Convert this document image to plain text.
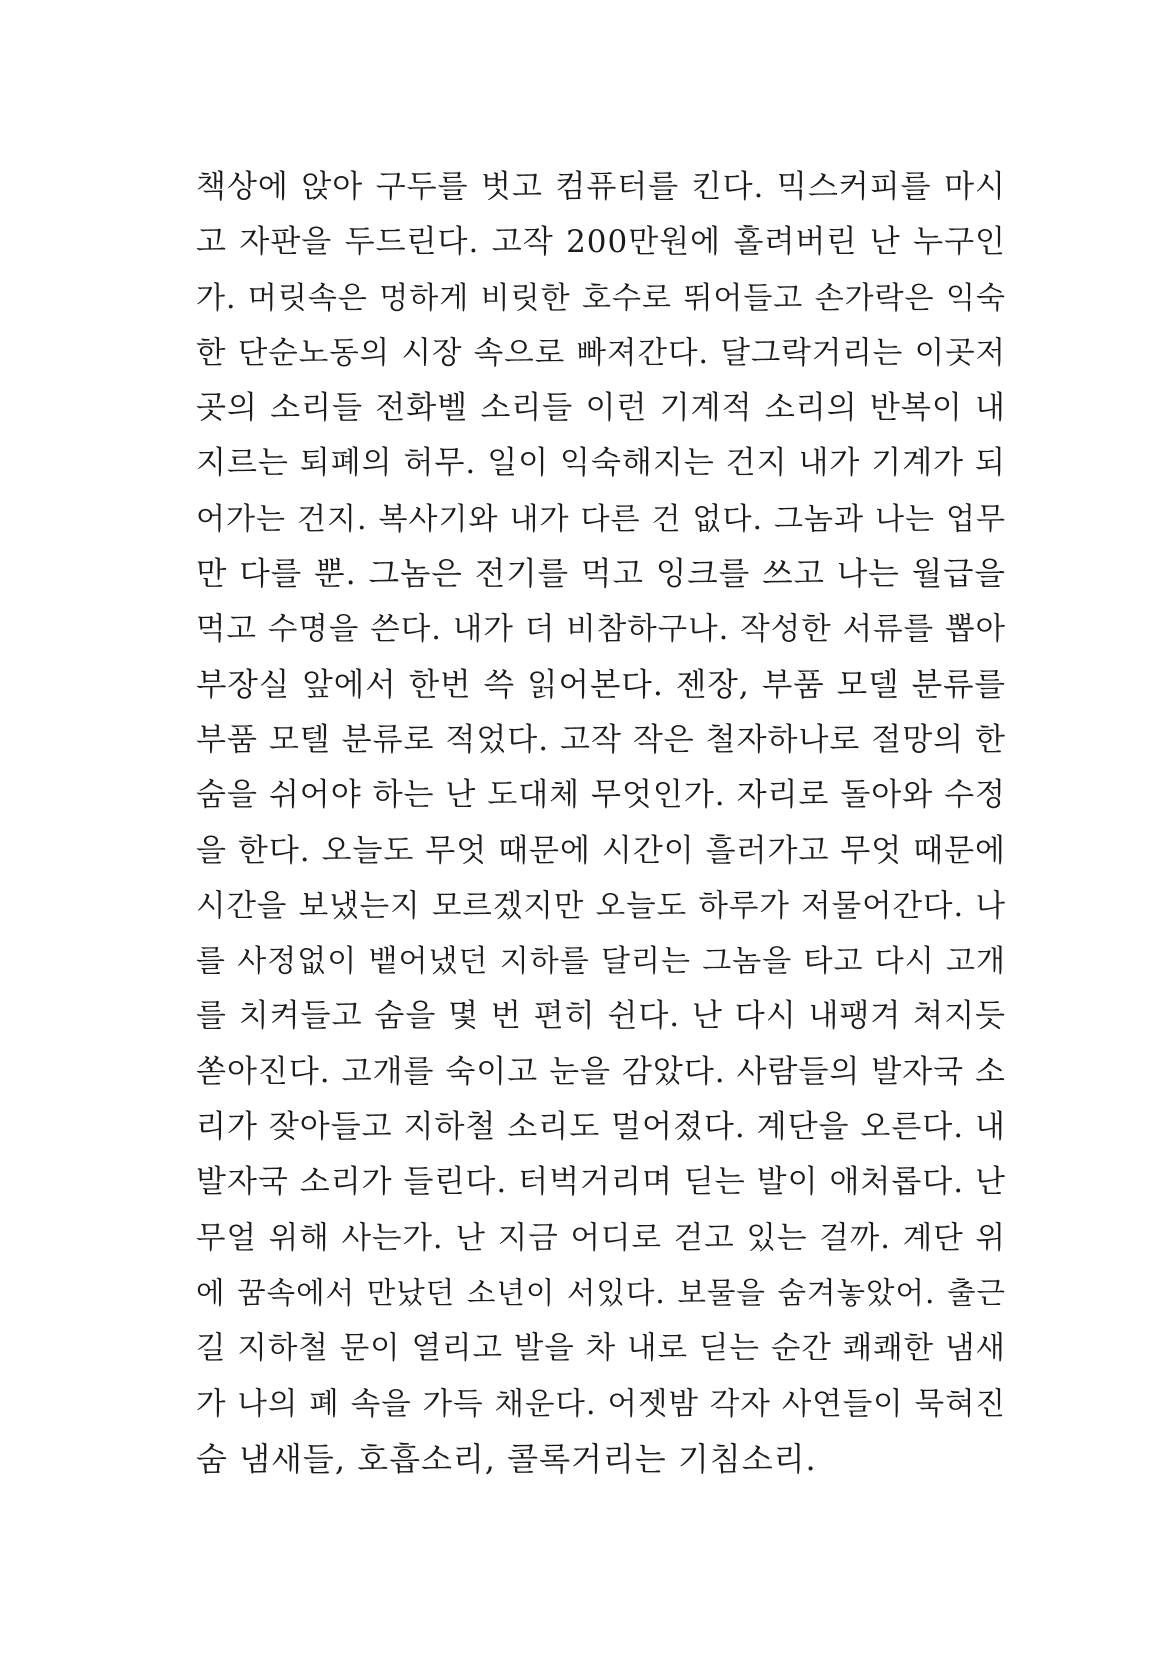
책상에 앉아 구두를 벗고 컴퓨터를 킨다. 믹스커피를 마시
고 자판을 두드린다. 고작 200만원에 홀려버린 난 누구인
가. 머릿속은 멍하게 비릿한 호수로 뛰어들고 손가락은 익숙
한 단순노동의 시장 속으로 빠져간다. 달그락거리는 이곳저
곳의 소리들 전화벨 소리들 이런 기계적 소리의 반복이 내
지르는 퇴폐의 허무. 일이 익숙해지는 건지 내가 기계가 되
어가는 건지. 복사기와 내가 다른 건 없다. 그놈과 나는 업무
만 다를 뿐. 그놈은 전기를 먹고 잉크를 쓰고 나는 월급을
먹고 수명을 쓴다. 내가 더 비참하구나. 작성한 서류를 뽑아
부장실 앞에서 한번 쓱 읽어본다. 젠장, 부품 모델 분류를
부품 모텔 분류로 적었다. 고작 작은 철자하나로 절망의 한
숨을 쉬어야 하는 난 도대체 무엇인가. 자리로 돌아와 수정
을 한다. 오늘도 무엇 때문에 시간이 흘러가고 무엇 때문에
시간을 보냈는지 모르겠지만 오늘도 하루가 저물어간다. 나
를 사정없이 뱉어냈던 지하를 달리는 그놈을 타고 다시 고개
를 치켜들고 숨을 몇 번 편히 쉰다. 난 다시 내팽겨 쳐지듯
쏟아진다. 고개를 숙이고 눈을 감았다. 사람들의 발자국 소
리가 잦아들고 지하철 소리도 멀어졌다. 계단을 오른다. 내
발자국 소리가 들린다. 터벅거리며 딛는 발이 애처롭다. 난
무얼 위해 사는가. 난 지금 어디로 걷고 있는 걸까. 계단 위
에 꿈속에서 만났던 소년이 서있다. 보물을 숨겨놓았어. 출근
길 지하철 문이 열리고 발을 차 내로 딛는 순간 쾌쾌한 냄새
가 나의 폐 속을 가득 채운다. 어젯밤 각자 사연들이 묵혀진
숨 냄새들, 호흡소리, 콜록거리는 기침소리.
